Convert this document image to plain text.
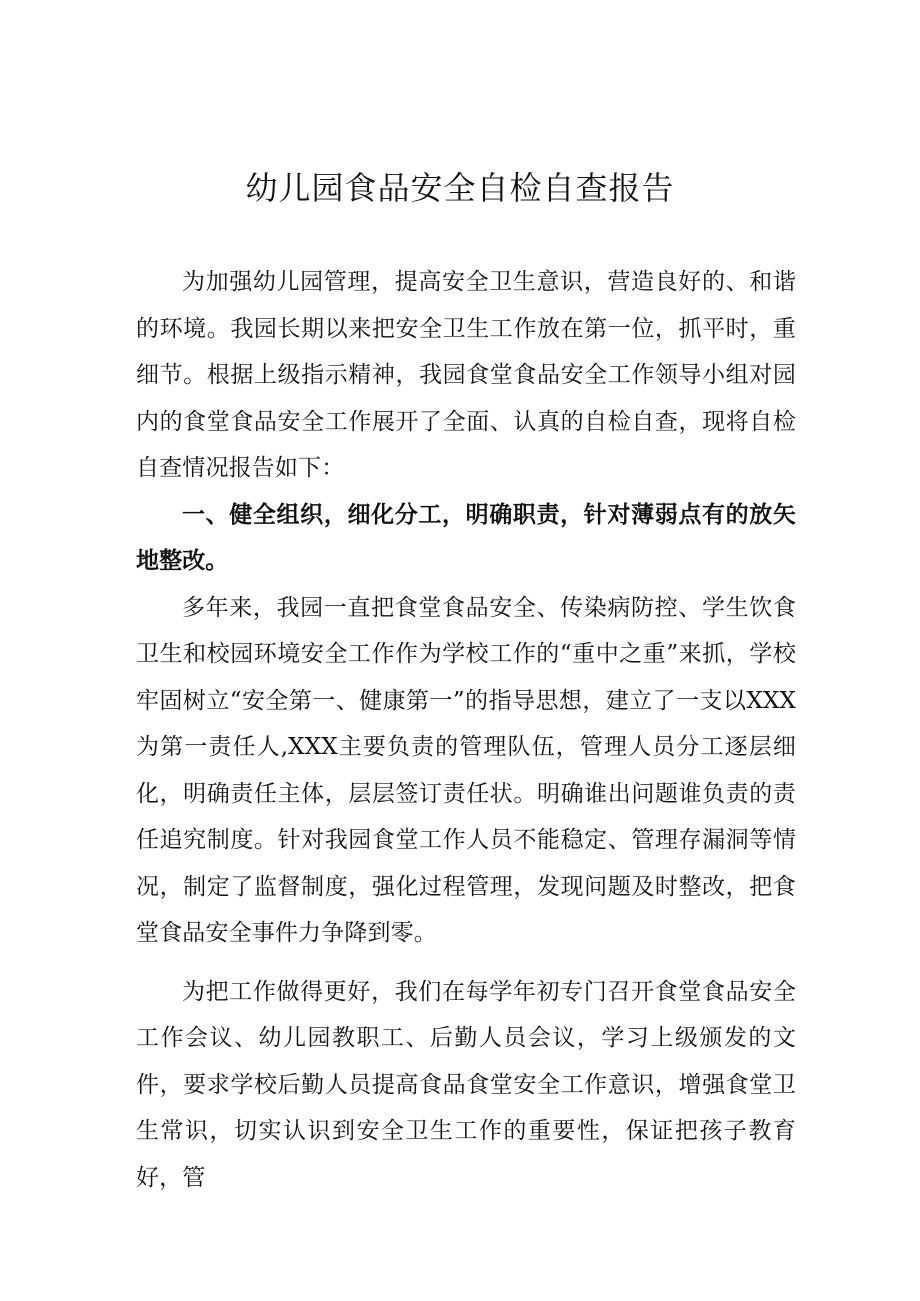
幼儿园食品安全自检自查报告

为加强幼儿园管理，提高安全卫生意识，营造良好的、和谐的环境。我园长期以来把安全卫生工作放在第一位，抓平时，重细节。根据上级指示精神，我园食堂食品安全工作领导小组对园内的食堂食品安全工作展开了全面、认真的自检自查，现将自检自查情况报告如下：

一、健全组织，细化分工，明确职责，针对薄弱点有的放矢地整改。

多年来，我园一直把食堂食品安全、传染病防控、学生饮食卫生和校园环境安全工作作为学校工作的“重中之重”来抓，学校牢固树立“安全第一、健康第一”的指导思想，建立了一支以XXX为第一责任人,XXX主要负责的管理队伍，管理人员分工逐层细化，明确责任主体，层层签订责任状。明确谁出问题谁负责的责任追究制度。针对我园食堂工作人员不能稳定、管理存漏洞等情况，制定了监督制度，强化过程管理，发现问题及时整改，把食堂食品安全事件力争降到零。

为把工作做得更好，我们在每学年初专门召开食堂食品安全工作会议、幼儿园教职工、后勤人员会议，学习上级颁发的文件，要求学校后勤人员提高食品食堂安全工作意识，增强食堂卫生常识，切实认识到安全卫生工作的重要性，保证把孩子教育好，管
